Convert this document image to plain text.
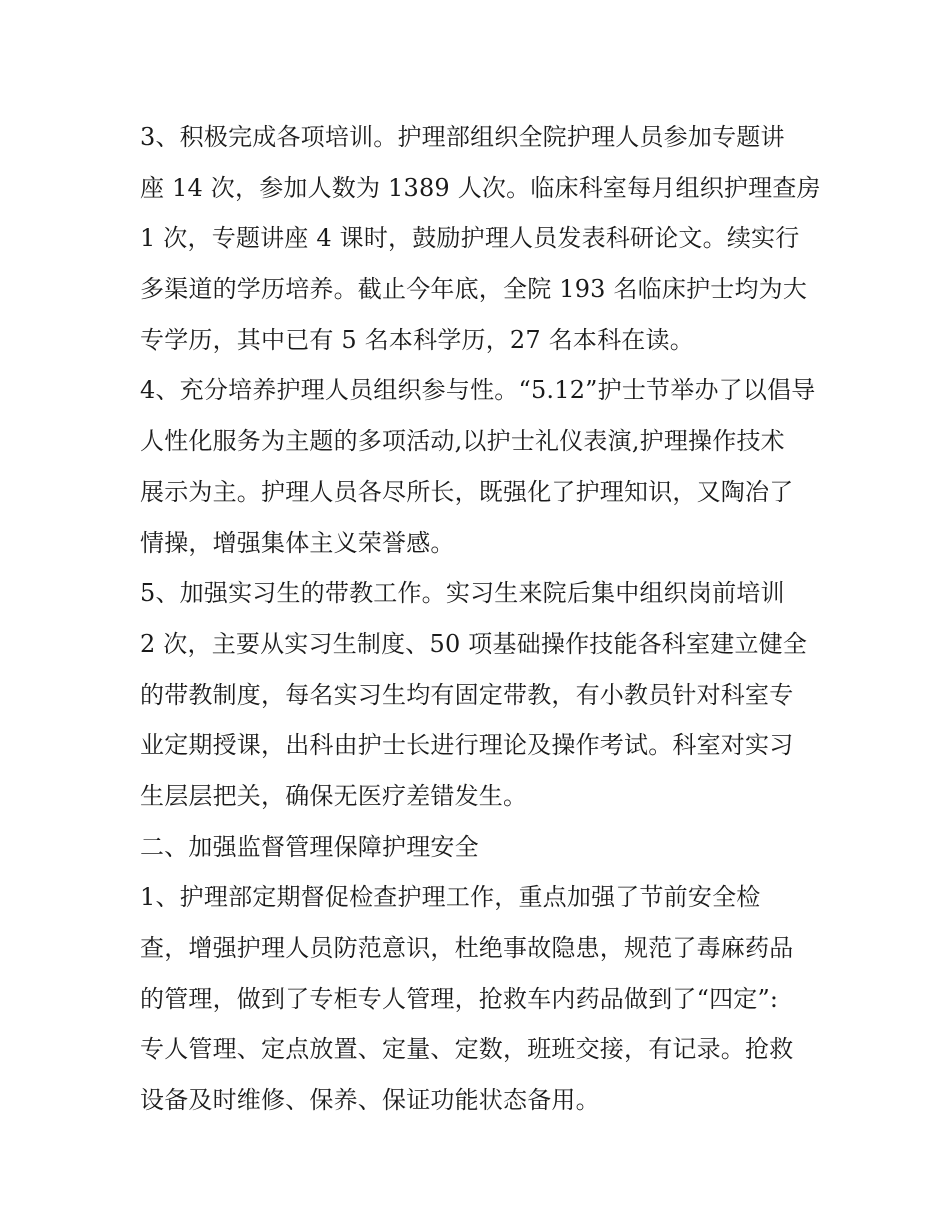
3、积极完成各项培训。护理部组织全院护理人员参加专题讲
座 14 次，参加人数为 1389 人次。临床科室每月组织护理查房
1 次，专题讲座 4 课时，鼓励护理人员发表科研论文。续实行
多渠道的学历培养。截止今年底，全院 193 名临床护士均为大
专学历，其中已有 5 名本科学历，27 名本科在读。
4、充分培养护理人员组织参与性。“5.12”护士节举办了以倡导
人性化服务为主题的多项活动,以护士礼仪表演,护理操作技术
展示为主。护理人员各尽所长，既强化了护理知识，又陶冶了
情操，增强集体主义荣誉感。
5、加强实习生的带教工作。实习生来院后集中组织岗前培训
2 次，主要从实习生制度、50 项基础操作技能各科室建立健全
的带教制度，每名实习生均有固定带教，有小教员针对科室专
业定期授课，出科由护士长进行理论及操作考试。科室对实习
生层层把关，确保无医疗差错发生。
二、加强监督管理保障护理安全
1、护理部定期督促检查护理工作，重点加强了节前安全检
查，增强护理人员防范意识，杜绝事故隐患，规范了毒麻药品
的管理，做到了专柜专人管理，抢救车内药品做到了“四定”:
专人管理、定点放置、定量、定数，班班交接，有记录。抢救
设备及时维修、保养、保证功能状态备用。
